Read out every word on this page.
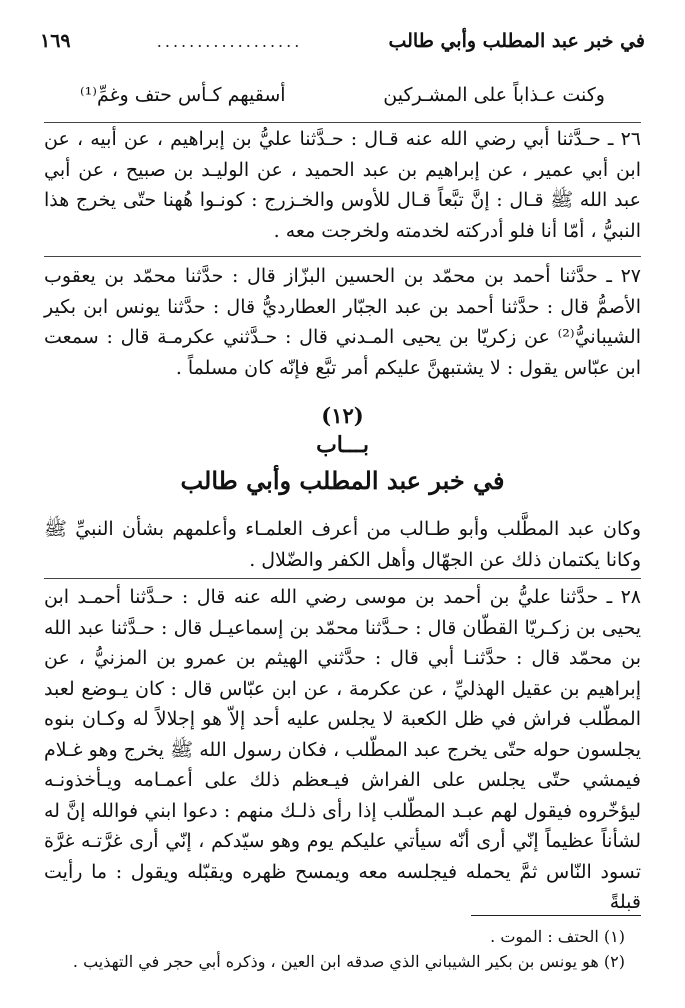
في خبر عبد المطلب وأبي طالب
..................
١٦٩
وكنت عـذاباً على المشـركين
أسقيهم كـأس حتف وغمِّ⁽¹⁾

٢٦ ـ حـدَّثنا أبي رضي الله عنه قـال : حـدَّثنا عليُّ بن إبراهيم ، عن أبيه ، عن ابن أبي عمير ، عن إبراهيم بن عبد الحميد ، عن الوليـد بن صبيح ، عن أبي عبد الله ﷺ قـال : إنَّ تبَّعاً قـال للأوس والخـزرج : كونـوا هُهنا حتّى يخرج هذا النبيُّ ، أمّا أنا فلو أدركته لخدمته ولخرجت معه .

٢٧ ـ حدَّثنا أحمد بن محمّد بن الحسين البزّاز قال : حدَّثنا محمّد بن يعقوب الأصمُّ قال : حدَّثنا أحمد بن عبد الجبّار العطارديُّ قال : حدَّثنا يونس ابن بكير الشيبانيُّ⁽²⁾ عن زكريّا بن يحيى المـدني قال : حـدَّثني عكرمـة قال : سمعت ابن عبّاس يقول : لا يشتبهنَّ عليكم أمر تبَّع فإنّه كان مسلماً .

(١٢)
بـــاب
في خبر عبد المطلب وأبي طالب

وكان عبد المطَّلب وأبو طـالب من أعرف العلمـاء وأعلمهم بشأن النبيِّ ﷺ وكانا يكتمان ذلك عن الجهّال وأهل الكفر والضّلال .

٢٨ ـ حدَّثنا عليُّ بن أحمد بن موسى رضي الله عنه قال : حـدَّثنا أحمـد ابن يحيى بن زكـريّا القطّان قال : حـدَّثنا محمّد بن إسماعيـل قال : حـدَّثنا عبد الله بن محمّد قال : حدَّثنـا أبي قال : حدَّثني الهيثم بن عمرو بن المزنيُّ ، عن إبراهيم بن عقيل الهذليِّ ، عن عكرمة ، عن ابن عبّاس قال : كان يـوضع لعبد المطّلب فراش في ظل الكعبة لا يجلس عليه أحد إلاّ هو إجلالاً له وكـان بنوه يجلسون حوله حتّى يخرج عبد المطّلب ، فكان رسول الله ﷺ يخرج وهو غـلام فيمشي حتّى يجلس على الفراش فيـعظم ذلك على أعمـامه ويـأخذونـه ليؤخّروه فيقول لهم عبـد المطّلب إذا رأى ذلـك منهم : دعوا ابني فوالله إنَّ له لشأناً عظيماً إنّي أرى أنّه سيأتي عليكم يوم وهو سيّدكم ، إنّي أرى غرَّتـه غرَّة تسود النّاس ثمَّ يحمله فيجلسه معه ويمسح ظهره ويقبّله ويقول : ما رأيت قبلةً

(١) الحتف : الموت .
(٢) هو يونس بن بكير الشيباني الذي صدقه ابن العين ، وذكره أبي حجر في التهذيب .
